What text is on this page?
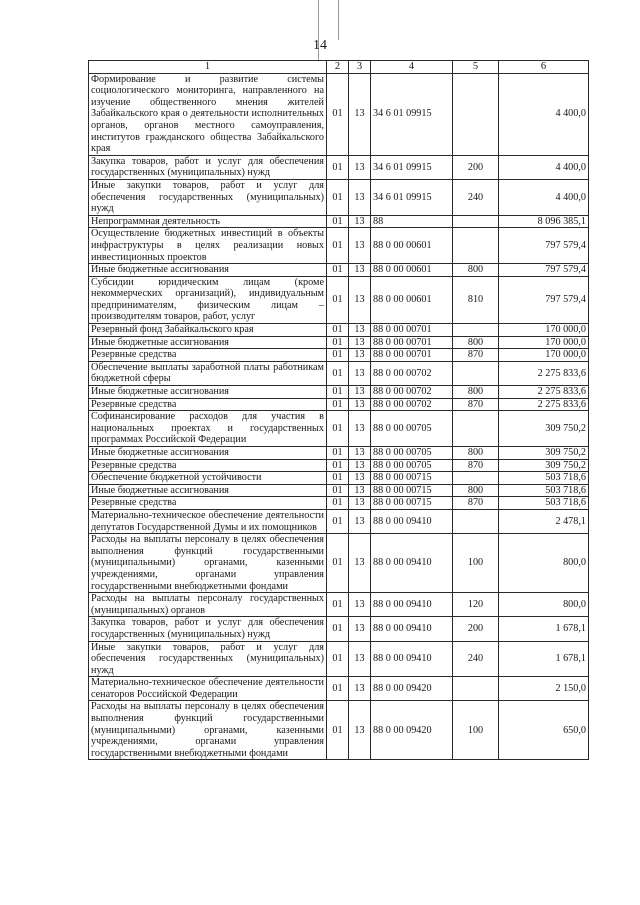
14
1	2	3	4	5	6
Формирование и развитие системы социологического мониторинга, направленного на изучение общественного мнения жителей Забайкальского края о деятельности исполнительных органов, органов местного самоуправления, институтов гражданского общества Забайкальского края	01	13	34 6 01 09915		4 400,0
Закупка товаров, работ и услуг для обеспечения государственных (муниципальных) нужд	01	13	34 6 01 09915	200	4 400,0
Иные закупки товаров, работ и услуг для обеспечения государственных (муниципальных) нужд	01	13	34 6 01 09915	240	4 400,0
Непрограммная деятельность	01	13	88		8 096 385,1
Осуществление бюджетных инвестиций в объекты инфраструктуры в целях реализации новых инвестиционных проектов	01	13	88 0 00 00601		797 579,4
Иные бюджетные ассигнования	01	13	88 0 00 00601	800	797 579,4
Субсидии юридическим лицам (кроме некоммерческих организаций), индивидуальным предпринимателям, физическим лицам – производителям товаров, работ, услуг	01	13	88 0 00 00601	810	797 579,4
Резервный фонд Забайкальского края	01	13	88 0 00 00701		170 000,0
Иные бюджетные ассигнования	01	13	88 0 00 00701	800	170 000,0
Резервные средства	01	13	88 0 00 00701	870	170 000,0
Обеспечение выплаты заработной платы работникам бюджетной сферы	01	13	88 0 00 00702		2 275 833,6
Иные бюджетные ассигнования	01	13	88 0 00 00702	800	2 275 833,6
Резервные средства	01	13	88 0 00 00702	870	2 275 833,6
Софинансирование расходов для участия в национальных проектах и государственных программах Российской Федерации	01	13	88 0 00 00705		309 750,2
Иные бюджетные ассигнования	01	13	88 0 00 00705	800	309 750,2
Резервные средства	01	13	88 0 00 00705	870	309 750,2
Обеспечение бюджетной устойчивости	01	13	88 0 00 00715		503 718,6
Иные бюджетные ассигнования	01	13	88 0 00 00715	800	503 718,6
Резервные средства	01	13	88 0 00 00715	870	503 718,6
Материально-техническое обеспечение деятельности депутатов Государственной Думы и их помощников	01	13	88 0 00 09410		2 478,1
Расходы на выплаты персоналу в целях обеспечения выполнения функций государственными (муниципальными) органами, казенными учреждениями, органами управления государственными внебюджетными фондами	01	13	88 0 00 09410	100	800,0
Расходы на выплаты персоналу государственных (муниципальных) органов	01	13	88 0 00 09410	120	800,0
Закупка товаров, работ и услуг для обеспечения государственных (муниципальных) нужд	01	13	88 0 00 09410	200	1 678,1
Иные закупки товаров, работ и услуг для обеспечения государственных (муниципальных) нужд	01	13	88 0 00 09410	240	1 678,1
Материально-техническое обеспечение деятельности сенаторов Российской Федерации	01	13	88 0 00 09420		2 150,0
Расходы на выплаты персоналу в целях обеспечения выполнения функций государственными (муниципальными) органами, казенными учреждениями, органами управления государственными внебюджетными фондами	01	13	88 0 00 09420	100	650,0
